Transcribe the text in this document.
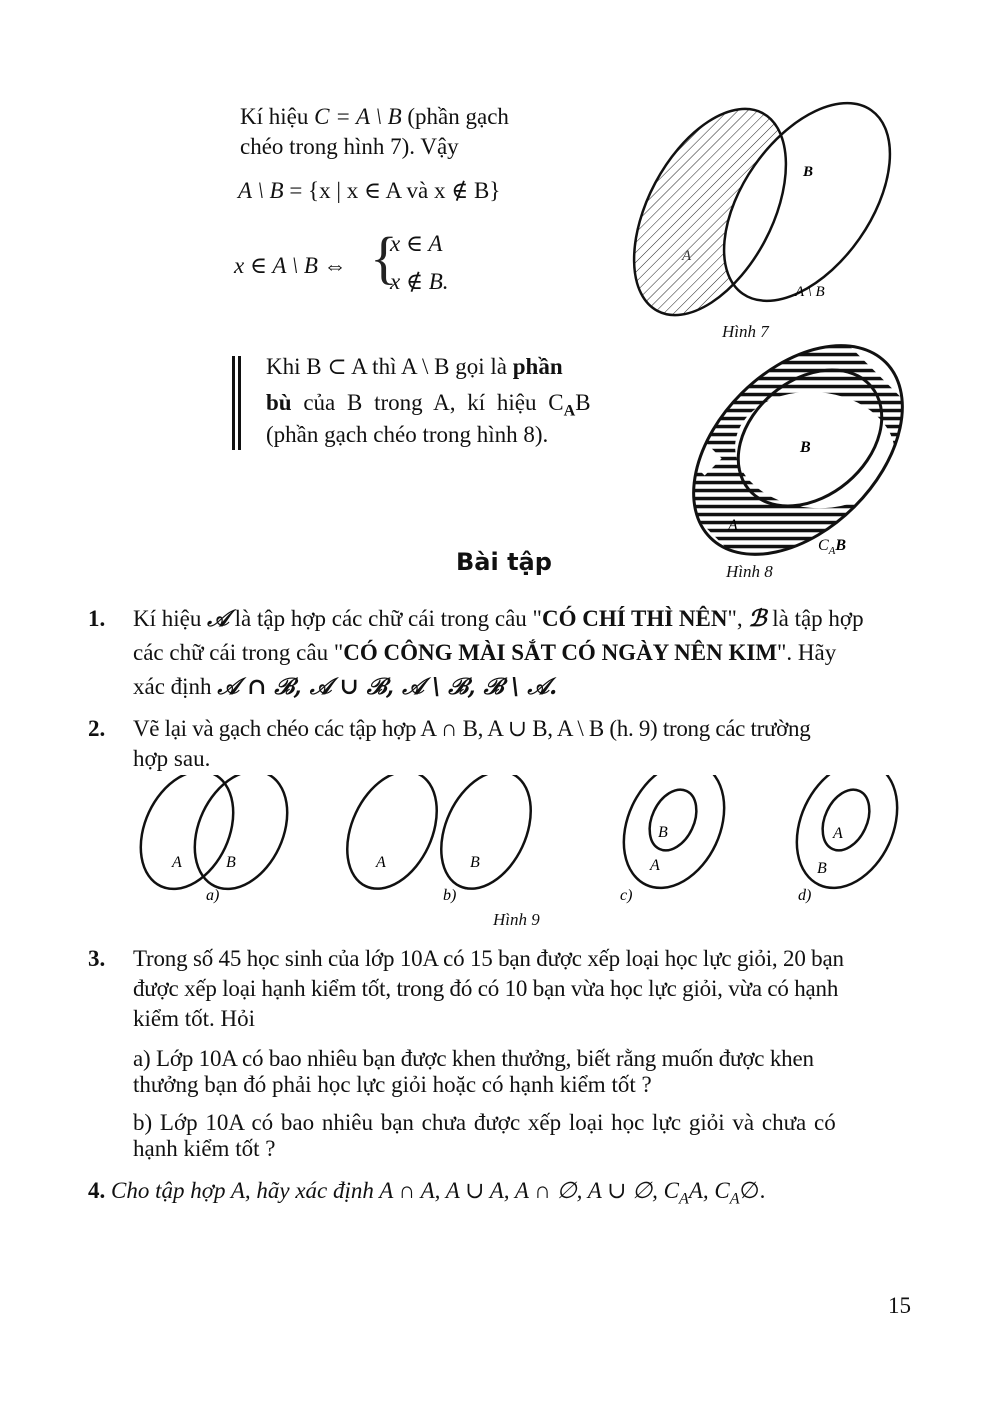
Kí hiệu C = A \ B (phần gạch
chéo trong hình 7). Vậy
A \ B = {x | x ∈ A và x ∉ B}
x ∈ A \ B ⇔ {
x ∈ A
x ∉ B.
A
B
A \ B
Hình 7
Khi B ⊂ A thì A \ B gọi là phần
bù của B trong A, kí hiệu $C_AB$
(phần gạch chéo trong hình 8).
B
A
$C_AB$
Hình 8
Bài tập
1. Kí hiệu 𝒜 là tập hợp các chữ cái trong câu "CÓ CHÍ THÌ NÊN", ℬ là tập hợp
các chữ cái trong câu "CÓ CÔNG MÀI SẮT CÓ NGÀY NÊN KIM". Hãy
xác định 𝒜 ∩ ℬ, 𝒜 ∪ ℬ, 𝒜 \ ℬ, ℬ \ 𝒜.
2. Vẽ lại và gạch chéo các tập hợp A ∩ B, A ∪ B, A \ B (h. 9) trong các trường
hợp sau.
A	B
a)
A	B
b)
B
A
c)
A
B
d)
Hình 9
3. Trong số 45 học sinh của lớp 10A có 15 bạn được xếp loại học lực giỏi, 20 bạn
được xếp loại hạnh kiểm tốt, trong đó có 10 bạn vừa học lực giỏi, vừa có hạnh
kiểm tốt. Hỏi
a) Lớp 10A có bao nhiêu bạn được khen thưởng, biết rằng muốn được khen
thưởng bạn đó phải học lực giỏi hoặc có hạnh kiểm tốt ?
b) Lớp 10A có bao nhiêu bạn chưa được xếp loại học lực giỏi và chưa có
hạnh kiểm tốt ?
4. Cho tập hợp A, hãy xác định A ∩ A, A ∪ A, A ∩ ∅, A ∪ ∅, $C_AA$, $C_A\emptyset$.
15
